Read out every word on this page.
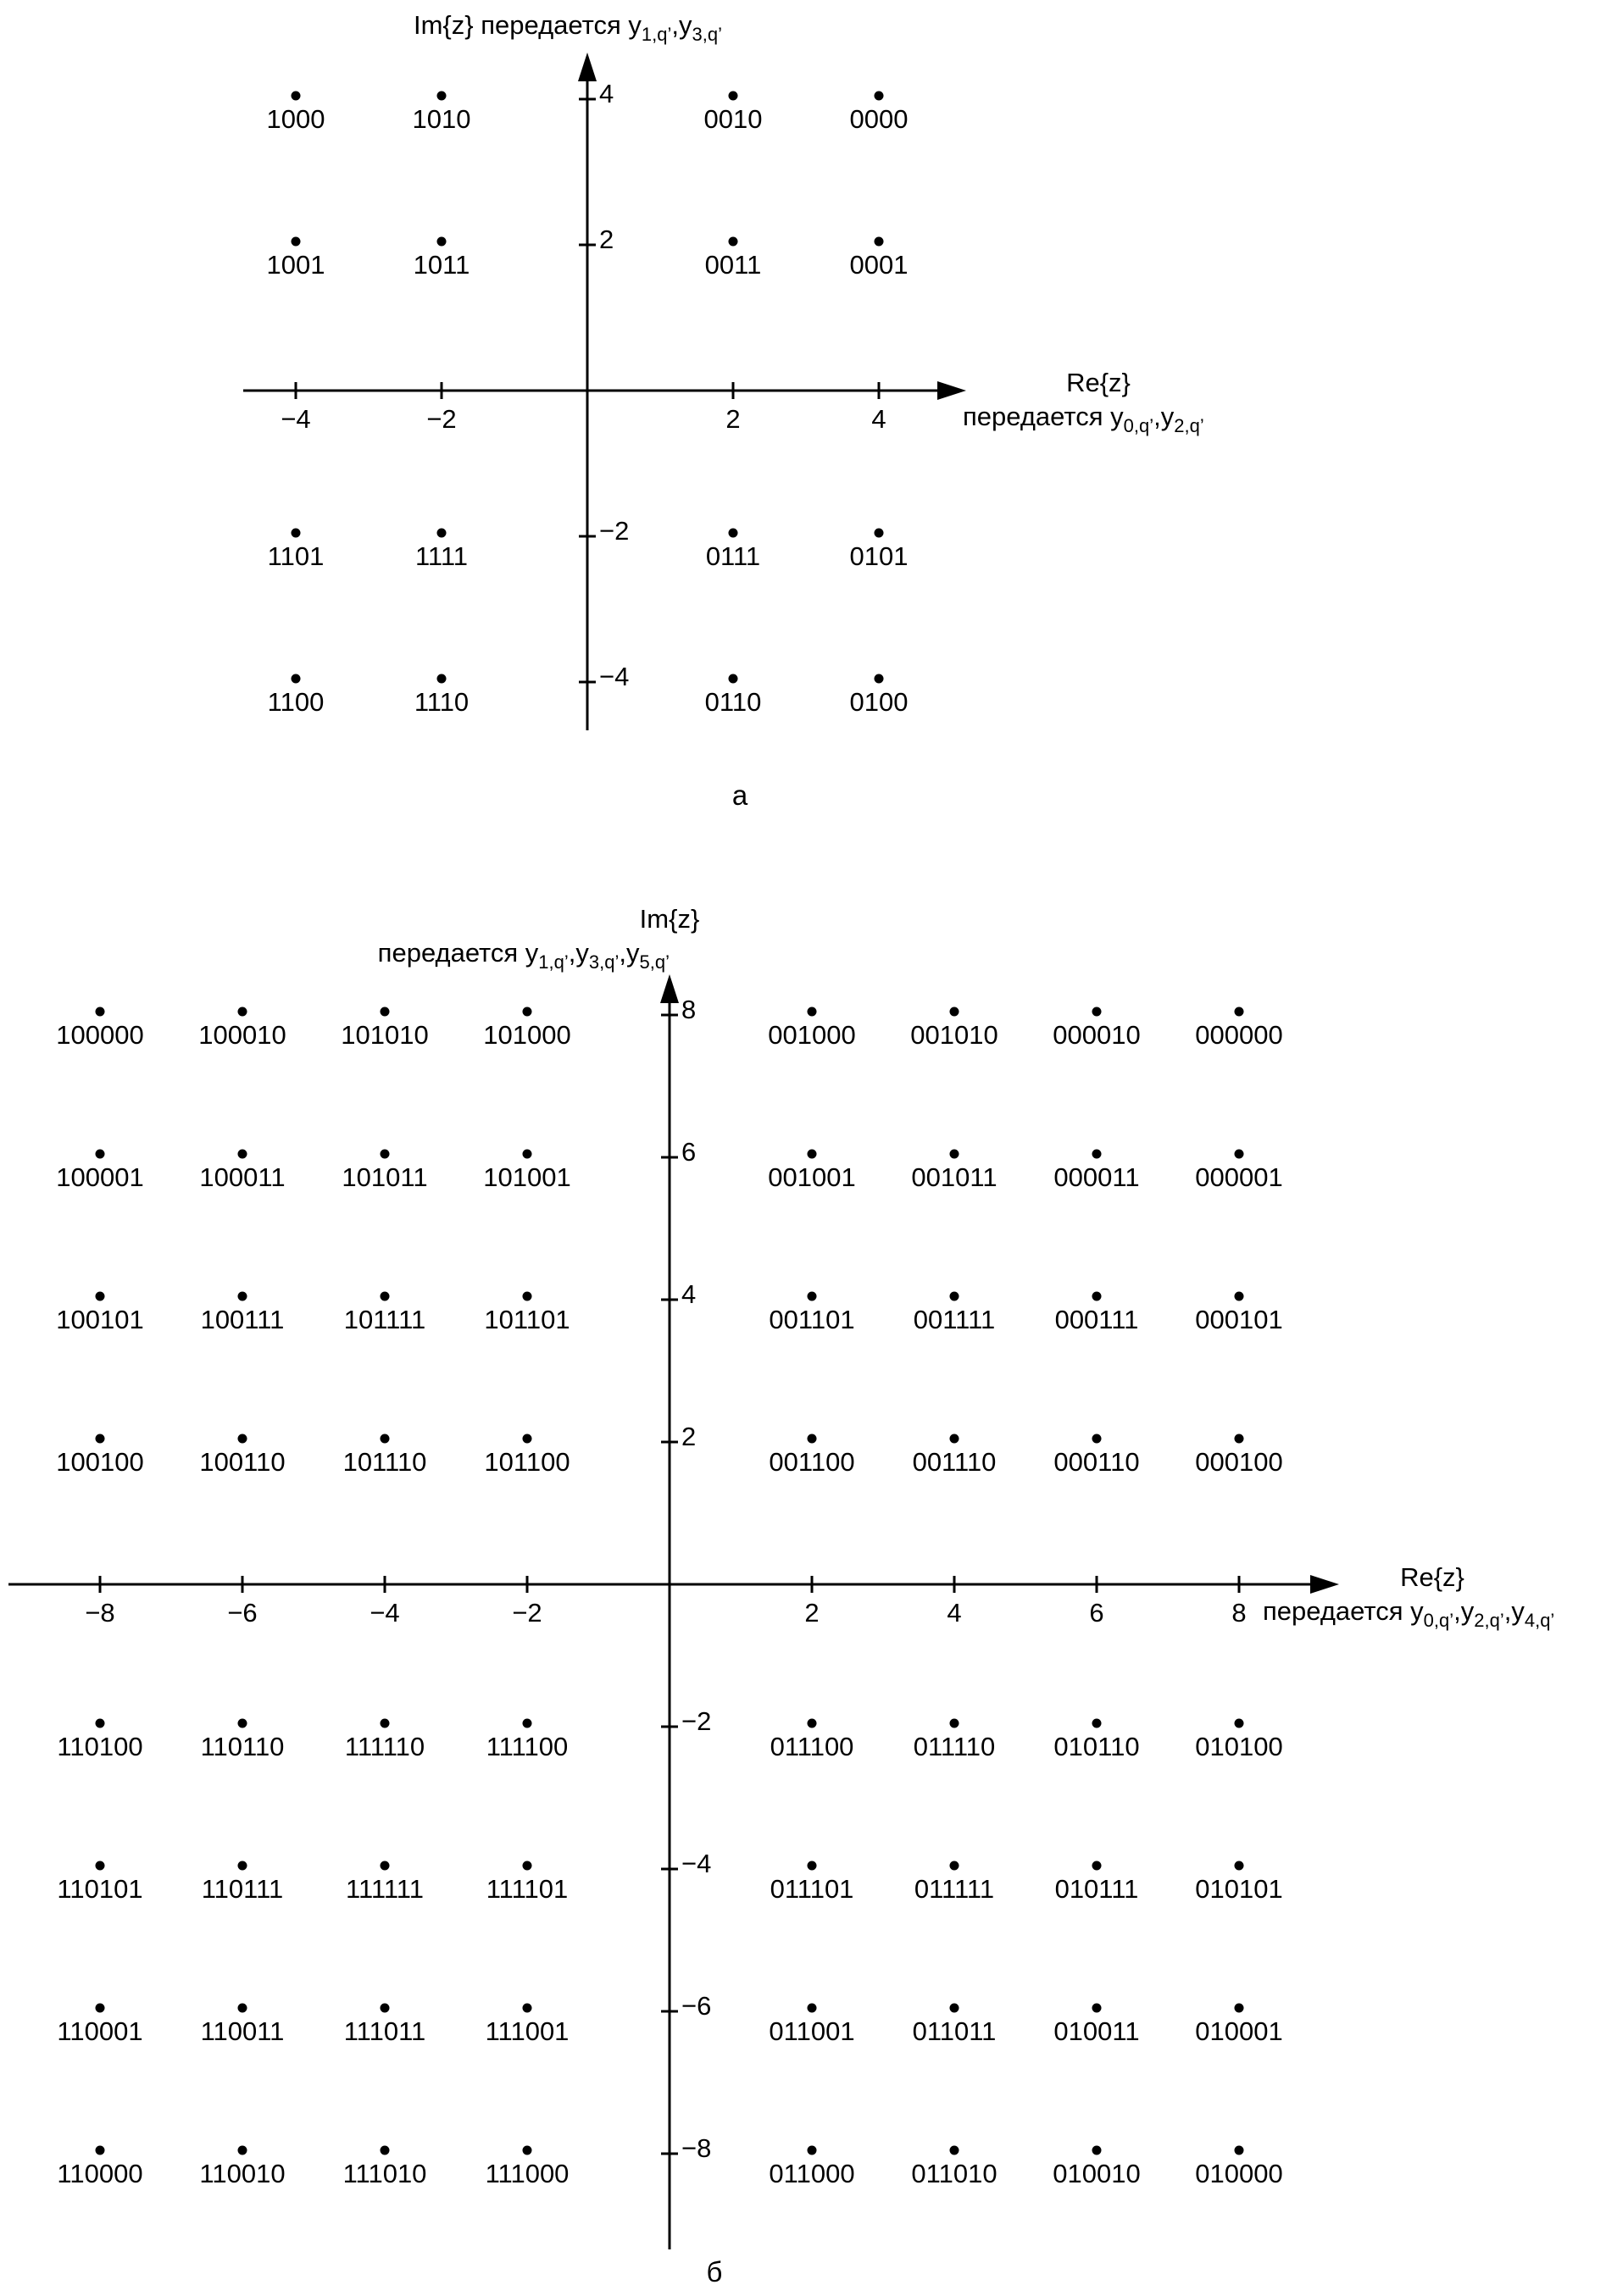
−4	−2	2	4
4
2
−2
−4
1000	1010	0010	0000
1001	1011	0011	0001
1101	1111	0111	0101
1100	1110	0110	0100
Im{z} передается $y_{1,q’},y_{3,q’}$
Re{z}
передается $y_{0,q’},y_{2,q’}$
а
−8	−6	−4	−2	2	4	6	8
8
6
4
2
−2
−4
−6
−8
100000 100010 101010 101000	001000 001010 000010 000000
100001 100011 101011 101001	001001 001011 000011 000001
100101 100111 101111 101101	001101 001111 000111 000101
100100 100110 101110 101100	001100 001110 000110 000100
110100 110110 111110 111100	011100 011110 010110 010100
110101 110111 111111 111101	011101 011111 010111 010101
110001 110011 111011 111001	011001 011011 010011 010001
110000 110010 111010 111000	011000 011010 010010 010000
Im{z}
передается $y_{1,q’},y_{3,q’},y_{5,q’}$
Re{z}
передается $y_{0,q’},y_{2,q’},y_{4,q’}$
б
